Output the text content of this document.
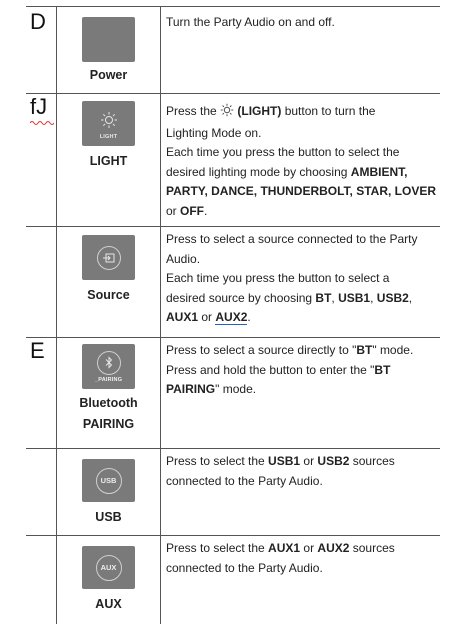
D
Power
Turn the Party Audio on and off.
fJ
LIGHT
LIGHT
Press the  (LIGHT) button to turn the
Lighting Mode on.
Each time you press the button to select the
desired lighting mode by choosing AMBIENT,
PARTY, DANCE, THUNDERBOLT, STAR, LOVER
or OFF.
Source
Press to select a source connected to the Party
Audio.
Each time you press the button to select a
desired source by choosing BT, USB1, USB2,
AUX1 or AUX2.
E
_PAIRING
Bluetooth
PAIRING
Press to select a source directly to "BT" mode.
Press and hold the button to enter the "BT
PAIRING" mode.
USB
USB
Press to select the USB1 or USB2 sources
connected to the Party Audio.
AUX
AUX
Press to select the AUX1 or AUX2 sources
connected to the Party Audio.
